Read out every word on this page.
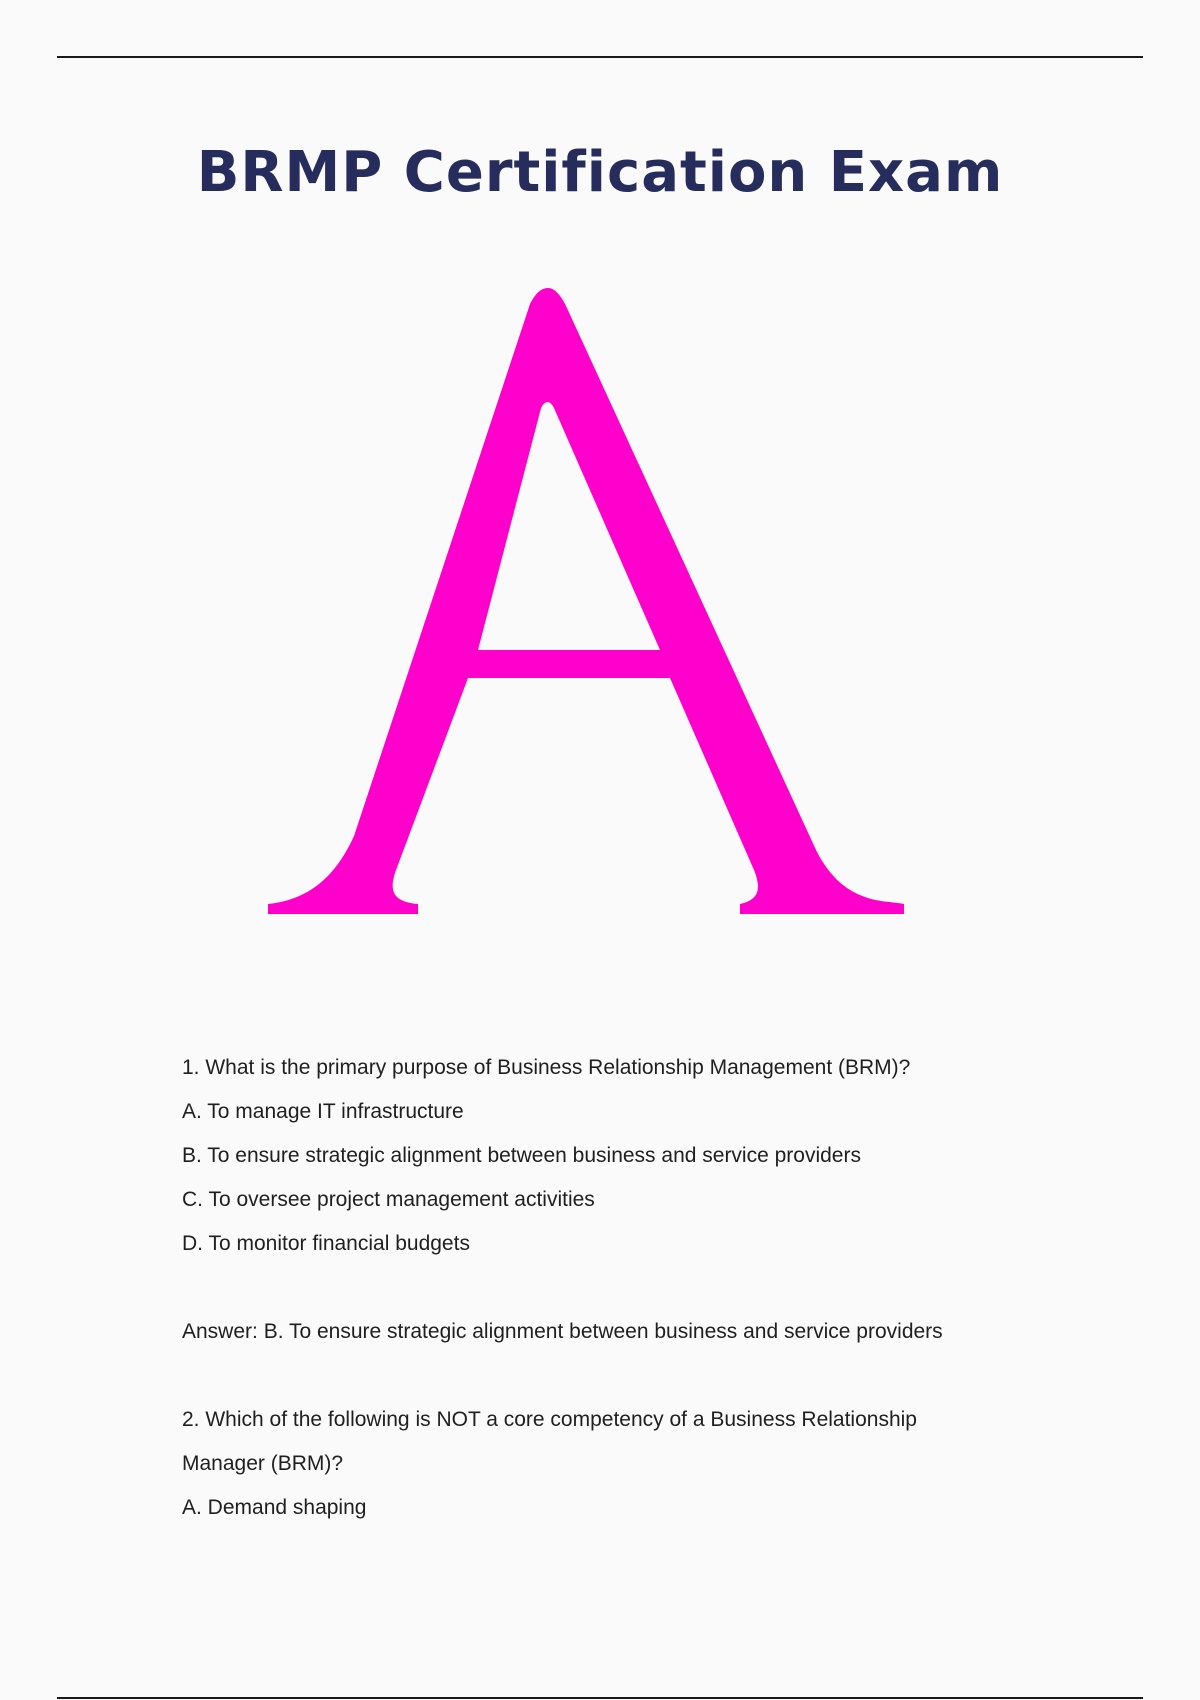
BRMP Certification Exam

1. What is the primary purpose of Business Relationship Management (BRM)?

A. To manage IT infrastructure

B. To ensure strategic alignment between business and service providers

C. To oversee project management activities

D. To monitor financial budgets

Answer: B. To ensure strategic alignment between business and service providers

2. Which of the following is NOT a core competency of a Business Relationship

Manager (BRM)?

A. Demand shaping
